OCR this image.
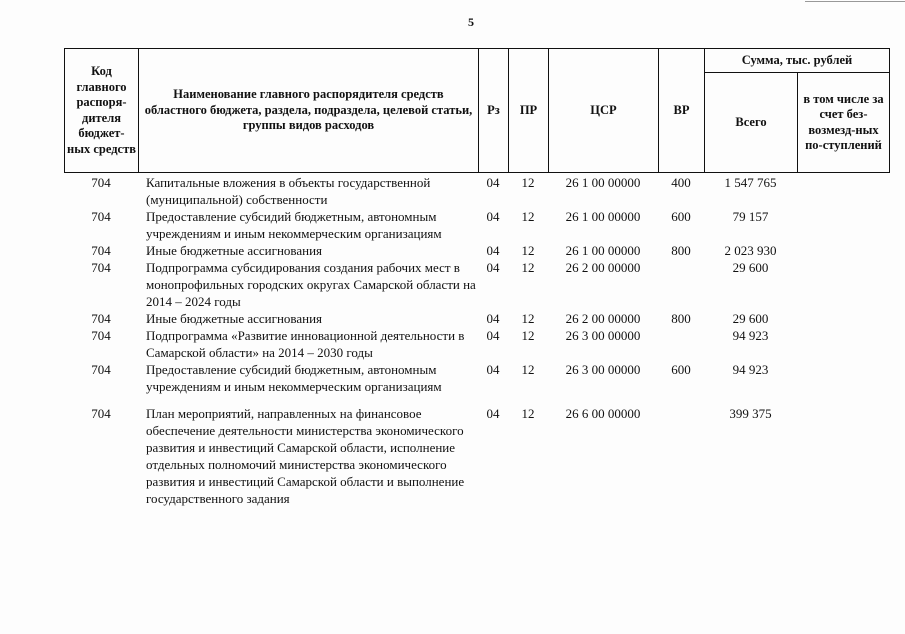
5
Код главного распоря-дителя бюджет-ных средств	Наименование главного распорядителя средств областного бюджета, раздела, подраздела, целевой статьи, группы видов расходов	Рз	ПР	ЦСР	ВР	Сумма, тыс. рублей	
						Всего	в том числе за счет без-возмезд-ных по-ступлений
704	Капитальные вложения в объекты государственной (муниципальной) собственности	04	12	26 1 00 00000	400	1 547 765	
704	Предоставление субсидий бюджетным, автономным учреждениям и иным некоммерческим организациям	04	12	26 1 00 00000	600	79 157	
704	Иные бюджетные ассигнования	04	12	26 1 00 00000	800	2 023 930	
704	Подпрограмма субсидирования создания рабочих мест в монопрофильных городских округах Самарской области на 2014 – 2024 годы	04	12	26 2 00 00000		29 600	
704	Иные бюджетные ассигнования	04	12	26 2 00 00000	800	29 600	
704	Подпрограмма «Развитие инновационной деятельности в Самарской области» на 2014 – 2030 годы	04	12	26 3 00 00000		94 923	
704	Предоставление субсидий бюджетным, автономным учреждениям и иным некоммерческим организациям	04	12	26 3 00 00000	600	94 923	

704	План мероприятий, направленных на финансовое обеспечение деятельности министерства экономического развития и инвестиций Самарской области, исполнение отдельных полномочий министерства экономического развития и инвестиций Самарской области и выполнение государственного задания	04	12	26 6 00 00000		399 375	
